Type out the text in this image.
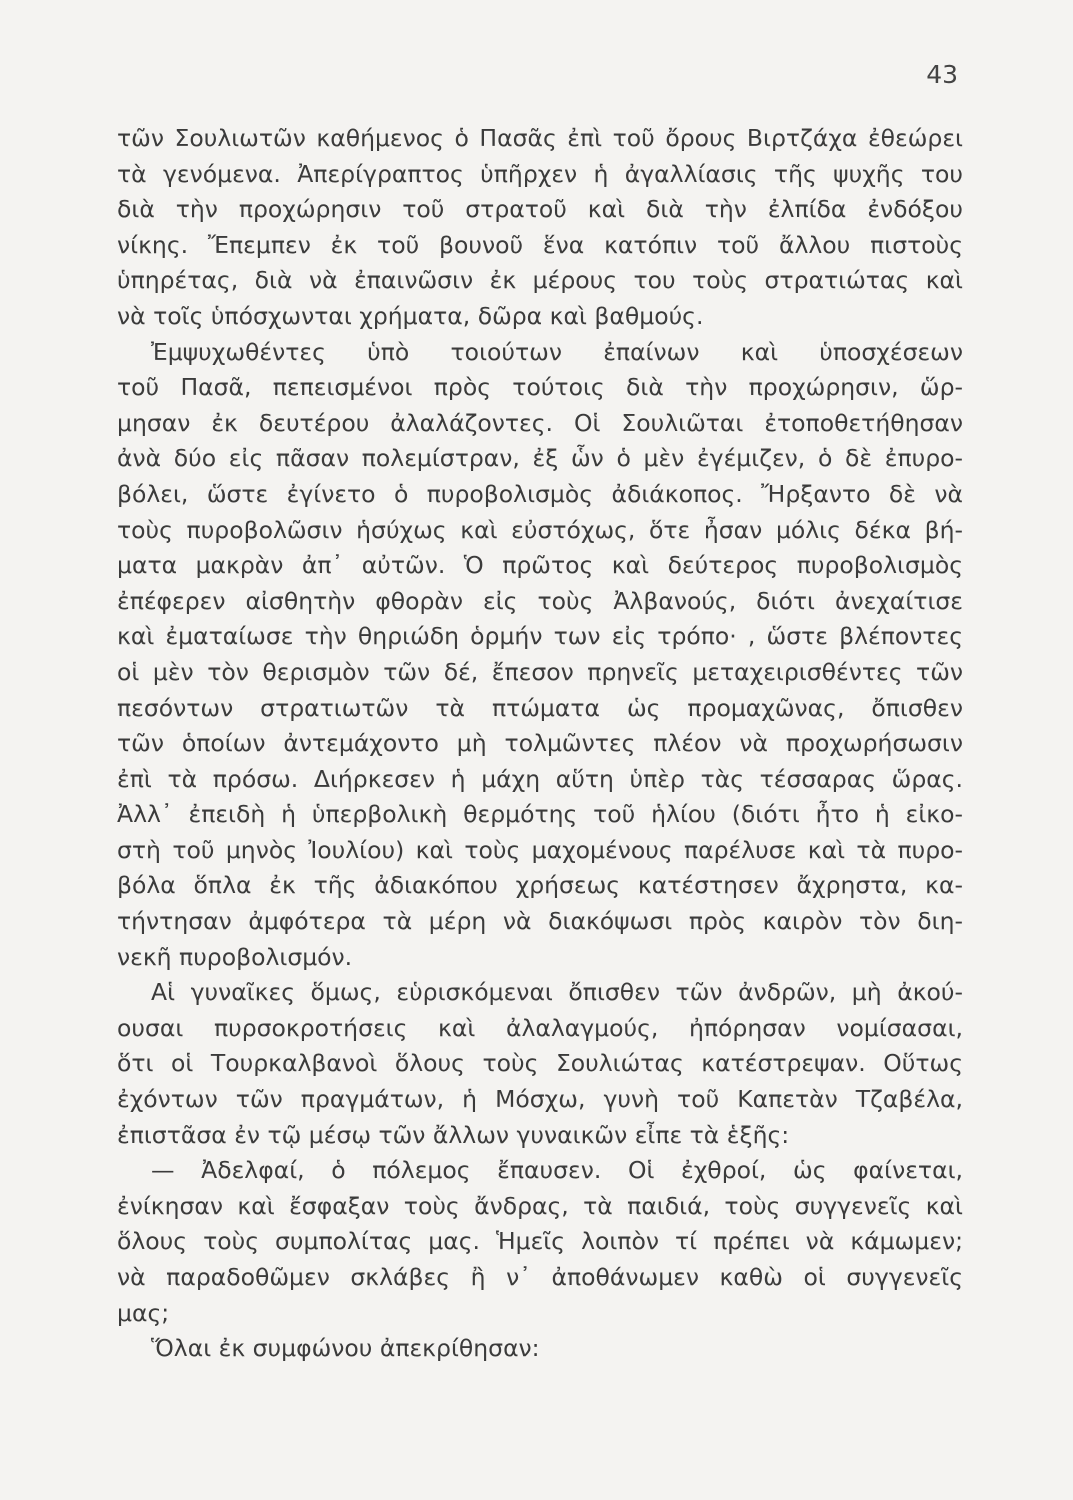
43
τῶν Σουλιωτῶν καθήμενος ὁ Πασᾶς ἐπὶ τοῦ ὄρους Βιρτζάχα ἐθεώρει
τὰ γενόμενα. Ἀπερίγραπτος ὑπῆρχεν ἡ ἀγαλλίασις τῆς ψυχῆς του
διὰ τὴν προχώρησιν τοῦ στρατοῦ καὶ διὰ τὴν ἐλπίδα ἐνδόξου
νίκης. Ἔπεμπεν ἐκ τοῦ βουνοῦ ἕνα κατόπιν τοῦ ἄλλου πιστοὺς
ὑπηρέτας, διὰ νὰ ἐπαινῶσιν ἐκ μέρους του τοὺς στρατιώτας καὶ
νὰ τοῖς ὑπόσχωνται χρήματα, δῶρα καὶ βαθμούς.
Ἐμψυχωθέντες ὑπὸ τοιούτων ἐπαίνων καὶ ὑποσχέσεων
τοῦ Πασᾶ, πεπεισμένοι πρὸς τούτοις διὰ τὴν προχώρησιν, ὥρ-
μησαν ἐκ δευτέρου ἀλαλάζοντες. Οἱ Σουλιῶται ἐτοποθετήθησαν
ἀνὰ δύο εἰς πᾶσαν πολεμίστραν, ἐξ ὧν ὁ μὲν ἐγέμιζεν, ὁ δὲ ἐπυρο-
βόλει, ὥστε ἐγίνετο ὁ πυροβολισμὸς ἀδιάκοπος. Ἤρξαντο δὲ νὰ
τοὺς πυροβολῶσιν ἡσύχως καὶ εὐστόχως, ὅτε ἦσαν μόλις δέκα βή-
ματα μακρὰν ἀπ᾽ αὐτῶν. Ὁ πρῶτος καὶ δεύτερος πυροβολισμὸς
ἐπέφερεν αἰσθητὴν φθορὰν εἰς τοὺς Ἀλβανούς, διότι ἀνεχαίτισε
καὶ ἐματαίωσε τὴν θηριώδη ὁρμήν των εἰς τρόπο· , ὥστε βλέποντες
οἱ μὲν τὸν θερισμὸν τῶν δέ, ἔπεσον πρηνεῖς μεταχειρισθέντες τῶν
πεσόντων στρατιωτῶν τὰ πτώματα ὡς προμαχῶνας, ὄπισθεν
τῶν ὁποίων ἀντεμάχοντο μὴ τολμῶντες πλέον νὰ προχωρήσωσιν
ἐπὶ τὰ πρόσω. Διήρκεσεν ἡ μάχη αὕτη ὑπὲρ τὰς τέσσαρας ὥρας.
Ἀλλ᾽ ἐπειδὴ ἡ ὑπερβολικὴ θερμότης τοῦ ἡλίου (διότι ἦτο ἡ εἰκο-
στὴ τοῦ μηνὸς Ἰουλίου) καὶ τοὺς μαχομένους παρέλυσε καὶ τὰ πυρο-
βόλα ὅπλα ἐκ τῆς ἀδιακόπου χρήσεως κατέστησεν ἄχρηστα, κα-
τήντησαν ἀμφότερα τὰ μέρη νὰ διακόψωσι πρὸς καιρὸν τὸν διη-
νεκῆ πυροβολισμόν.
Αἱ γυναῖκες ὅμως, εὑρισκόμεναι ὄπισθεν τῶν ἀνδρῶν, μὴ ἀκού-
ουσαι πυρσοκροτήσεις καὶ ἀλαλαγμούς, ἠπόρησαν νομίσασαι,
ὅτι οἱ Τουρκαλβανοὶ ὅλους τοὺς Σουλιώτας κατέστρεψαν. Οὕτως
ἐχόντων τῶν πραγμάτων, ἡ Μόσχω, γυνὴ τοῦ Καπετὰν Τζαβέλα,
ἐπιστᾶσα ἐν τῷ μέσῳ τῶν ἄλλων γυναικῶν εἶπε τὰ ἑξῆς:
— Ἀδελφαί, ὁ πόλεμος ἔπαυσεν. Οἱ ἐχθροί, ὡς φαίνεται,
ἐνίκησαν καὶ ἔσφαξαν τοὺς ἄνδρας, τὰ παιδιά, τοὺς συγγενεῖς καὶ
ὅλους τοὺς συμπολίτας μας. Ἡμεῖς λοιπὸν τί πρέπει νὰ κάμωμεν;
νὰ παραδοθῶμεν σκλάβες ἢ ν᾽ ἀποθάνωμεν καθὼ οἱ συγγενεῖς
μας;
Ὅλαι ἐκ συμφώνου ἀπεκρίθησαν:
